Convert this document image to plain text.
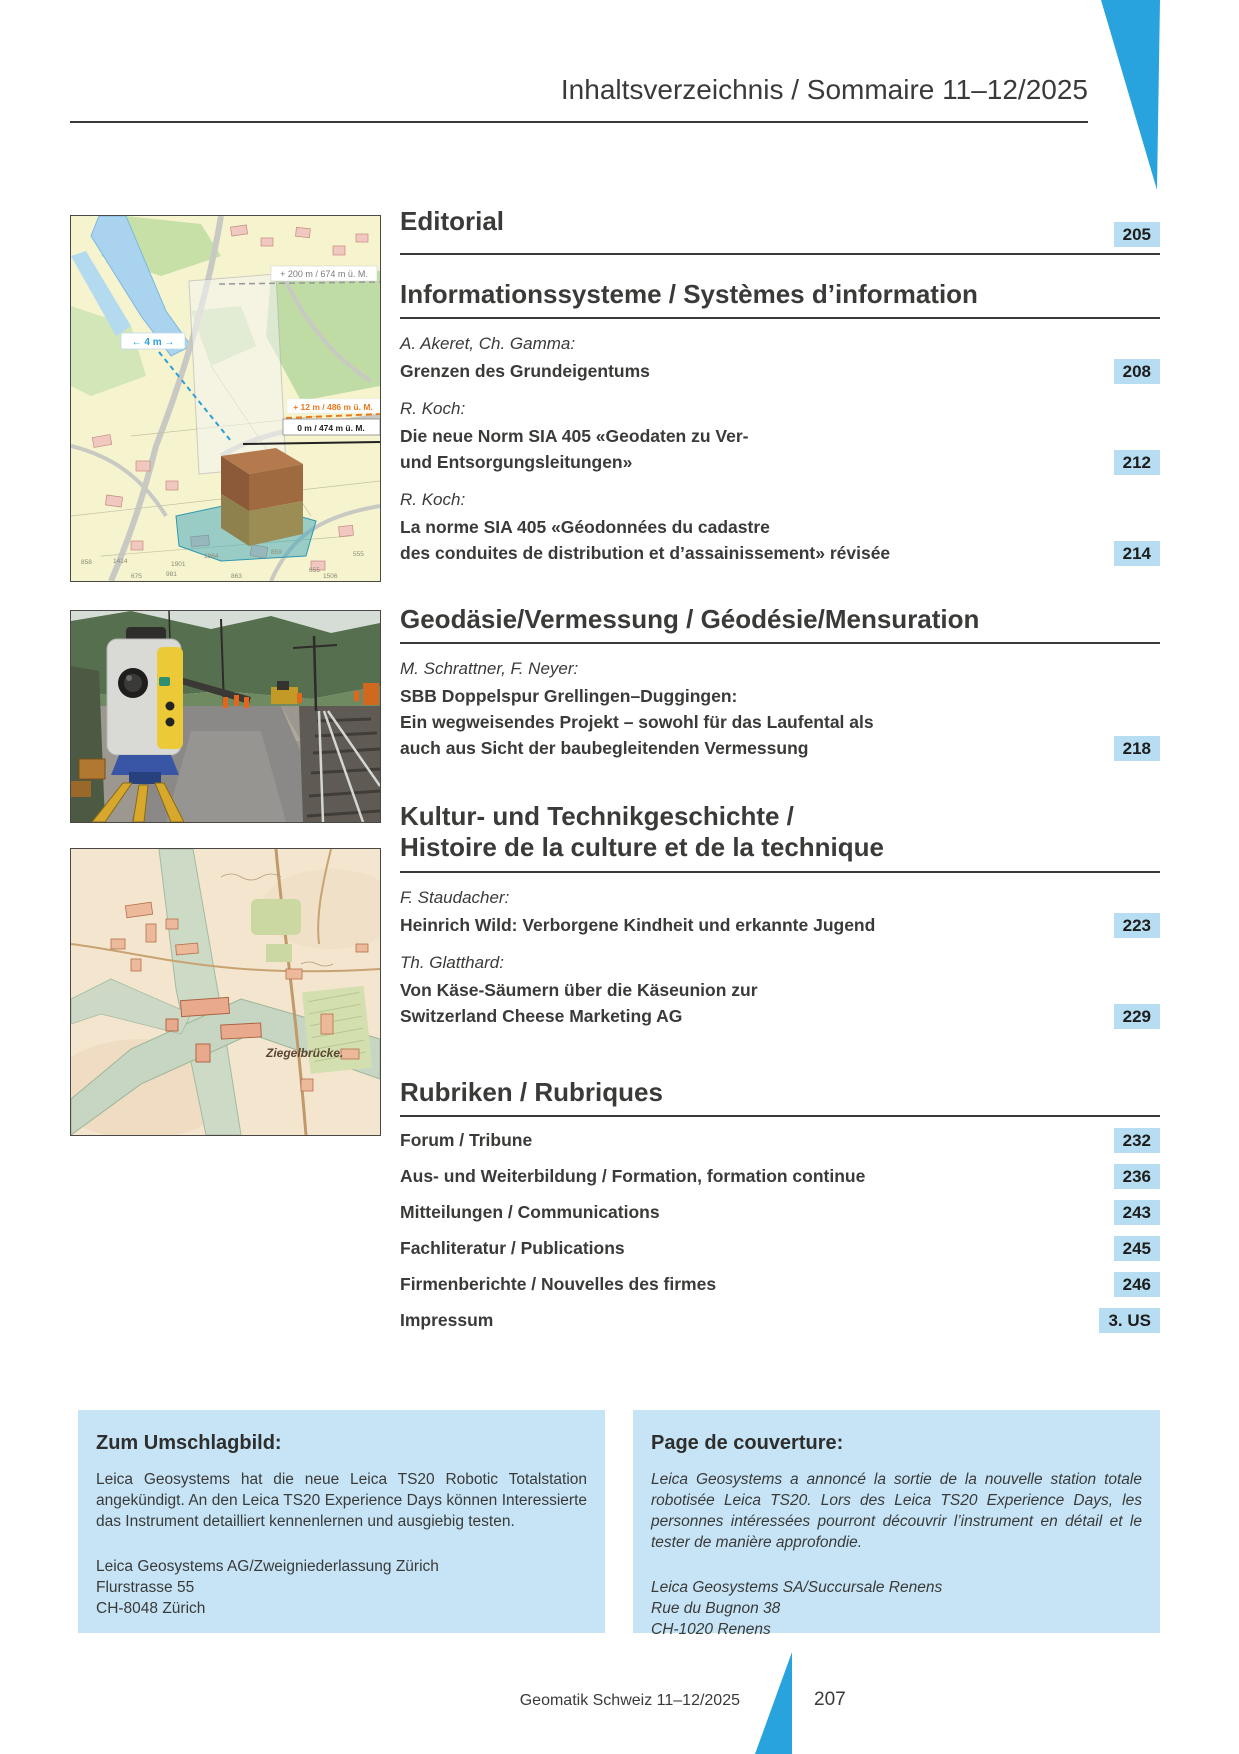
Inhaltsverzeichnis / Sommaire 11–12/2025
+ 200 m / 674 m ü. M.
← 4 m →
+ 12 m / 486 m ü. M.
0 m / 474 m ü. M.
858	1414	1901
1964
859	555
981	863
655
675	1506
Ziegelbrücke.
Editorial	205
Informationssysteme / Systèmes d’information
A. Akeret, Ch. Gamma:
Grenzen des Grundeigentums	208
R. Koch:
Die neue Norm SIA 405 «Geodaten zu Ver-
und Entsorgungsleitungen»	212
R. Koch:
La norme SIA 405 «Géodonnées du cadastre
des conduites de distribution et d’assainissement» révisée	214
Geodäsie/Vermessung / Géodésie/Mensuration
M. Schrattner, F. Neyer:
SBB Doppelspur Grellingen–Duggingen:
Ein wegweisendes Projekt – sowohl für das Laufental als
auch aus Sicht der baubegleitenden Vermessung	218
Kultur- und Technikgeschichte /
Histoire de la culture et de la technique
F. Staudacher:
Heinrich Wild: Verborgene Kindheit und erkannte Jugend	223
Th. Glatthard:
Von Käse-Säumern über die Käseunion zur
Switzerland Cheese Marketing AG	229
Rubriken / Rubriques
Forum / Tribune	232
Aus- und Weiterbildung / Formation, formation continue	236
Mitteilungen / Communications	243
Fachliteratur / Publications	245
Firmenberichte / Nouvelles des firmes	246
Impressum	3. US
Zum Umschlagbild:
Leica Geosystems hat die neue Leica TS20 Robotic Totalstation angekündigt. An den Leica TS20 Experience Days können Interessierte das Instrument detailliert kennenlernen und ausgiebig testen.
Leica Geosystems AG/Zweigniederlassung Zürich
Flurstrasse 55
CH-8048 Zürich
Page de couverture:
Leica Geosystems a annoncé la sortie de la nouvelle station totale robotisée Leica TS20. Lors des Leica TS20 Experience Days, les personnes intéressées pourront découvrir l’instrument en détail et le tester de manière approfondie.
Leica Geosystems SA/Succursale Renens
Rue du Bugnon 38
CH-1020 Renens
Geomatik Schweiz 11–12/2025	207
